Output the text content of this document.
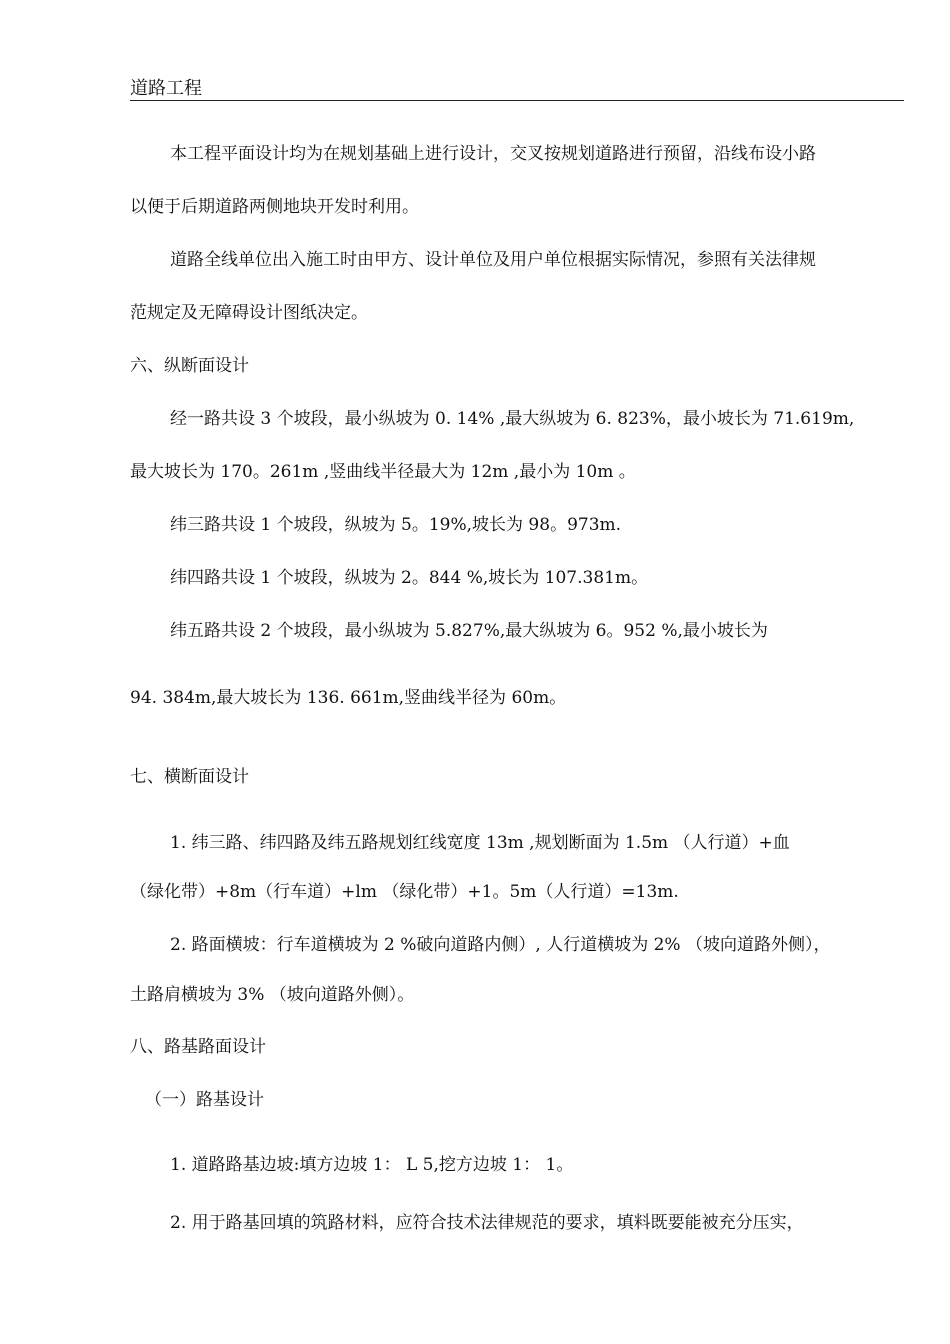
道路工程
本工程平面设计均为在规划基础上进行设计，交叉按规划道路进行预留，沿线布设小路
以便于后期道路两侧地块开发时利用。
道路全线单位出入施工时由甲方、设计单位及用户单位根据实际情况，参照有关法律规
范规定及无障碍设计图纸决定。
六、纵断面设计
经一路共设 3 个坡段，最小纵坡为 0. 14% ,最大纵坡为 6. 823%，最小坡长为 71.619m,
最大坡长为 170。261m ,竖曲线半径最大为 12m ,最小为 10m 。
纬三路共设 1 个坡段，纵坡为 5。19%,坡长为 98。973m.
纬四路共设 1 个坡段，纵坡为 2。844 %,坡长为 107.381m。
纬五路共设 2 个坡段，最小纵坡为 5.827%,最大纵坡为 6。952 %,最小坡长为
94. 384m,最大坡长为 136. 661m,竖曲线半径为 60m。
七、横断面设计
1. 纬三路、纬四路及纬五路规划红线宽度 13m ,规划断面为 1.5m （人行道）+血
（绿化带）+8m（行车道）+lm （绿化带）+1。5m（人行道）=13m.
2. 路面横坡：行车道横坡为 2 %破向道路内侧）, 人行道横坡为 2% （坡向道路外侧），
土路肩横坡为 3% （坡向道路外侧）。
八、路基路面设计
（一）路基设计
1. 道路路基边坡:填方边坡 1： L 5,挖方边坡 1： 1。
2. 用于路基回填的筑路材料，应符合技术法律规范的要求，填料既要能被充分压实，
